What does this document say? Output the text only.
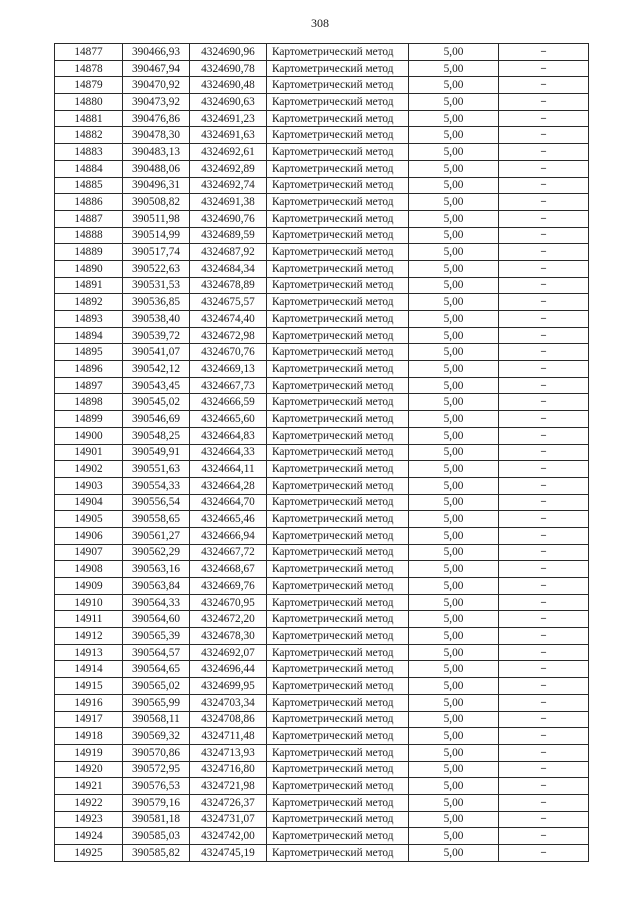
308
14877	390466,93	4324690,96	Картометрический метод	5,00	–
14878	390467,94	4324690,78	Картометрический метод	5,00	–
14879	390470,92	4324690,48	Картометрический метод	5,00	–
14880	390473,92	4324690,63	Картометрический метод	5,00	–
14881	390476,86	4324691,23	Картометрический метод	5,00	–
14882	390478,30	4324691,63	Картометрический метод	5,00	–
14883	390483,13	4324692,61	Картометрический метод	5,00	–
14884	390488,06	4324692,89	Картометрический метод	5,00	–
14885	390496,31	4324692,74	Картометрический метод	5,00	–
14886	390508,82	4324691,38	Картометрический метод	5,00	–
14887	390511,98	4324690,76	Картометрический метод	5,00	–
14888	390514,99	4324689,59	Картометрический метод	5,00	–
14889	390517,74	4324687,92	Картометрический метод	5,00	–
14890	390522,63	4324684,34	Картометрический метод	5,00	–
14891	390531,53	4324678,89	Картометрический метод	5,00	–
14892	390536,85	4324675,57	Картометрический метод	5,00	–
14893	390538,40	4324674,40	Картометрический метод	5,00	–
14894	390539,72	4324672,98	Картометрический метод	5,00	–
14895	390541,07	4324670,76	Картометрический метод	5,00	–
14896	390542,12	4324669,13	Картометрический метод	5,00	–
14897	390543,45	4324667,73	Картометрический метод	5,00	–
14898	390545,02	4324666,59	Картометрический метод	5,00	–
14899	390546,69	4324665,60	Картометрический метод	5,00	–
14900	390548,25	4324664,83	Картометрический метод	5,00	–
14901	390549,91	4324664,33	Картометрический метод	5,00	–
14902	390551,63	4324664,11	Картометрический метод	5,00	–
14903	390554,33	4324664,28	Картометрический метод	5,00	–
14904	390556,54	4324664,70	Картометрический метод	5,00	–
14905	390558,65	4324665,46	Картометрический метод	5,00	–
14906	390561,27	4324666,94	Картометрический метод	5,00	–
14907	390562,29	4324667,72	Картометрический метод	5,00	–
14908	390563,16	4324668,67	Картометрический метод	5,00	–
14909	390563,84	4324669,76	Картометрический метод	5,00	–
14910	390564,33	4324670,95	Картометрический метод	5,00	–
14911	390564,60	4324672,20	Картометрический метод	5,00	–
14912	390565,39	4324678,30	Картометрический метод	5,00	–
14913	390564,57	4324692,07	Картометрический метод	5,00	–
14914	390564,65	4324696,44	Картометрический метод	5,00	–
14915	390565,02	4324699,95	Картометрический метод	5,00	–
14916	390565,99	4324703,34	Картометрический метод	5,00	–
14917	390568,11	4324708,86	Картометрический метод	5,00	–
14918	390569,32	4324711,48	Картометрический метод	5,00	–
14919	390570,86	4324713,93	Картометрический метод	5,00	–
14920	390572,95	4324716,80	Картометрический метод	5,00	–
14921	390576,53	4324721,98	Картометрический метод	5,00	–
14922	390579,16	4324726,37	Картометрический метод	5,00	–
14923	390581,18	4324731,07	Картометрический метод	5,00	–
14924	390585,03	4324742,00	Картометрический метод	5,00	–
14925	390585,82	4324745,19	Картометрический метод	5,00	–
